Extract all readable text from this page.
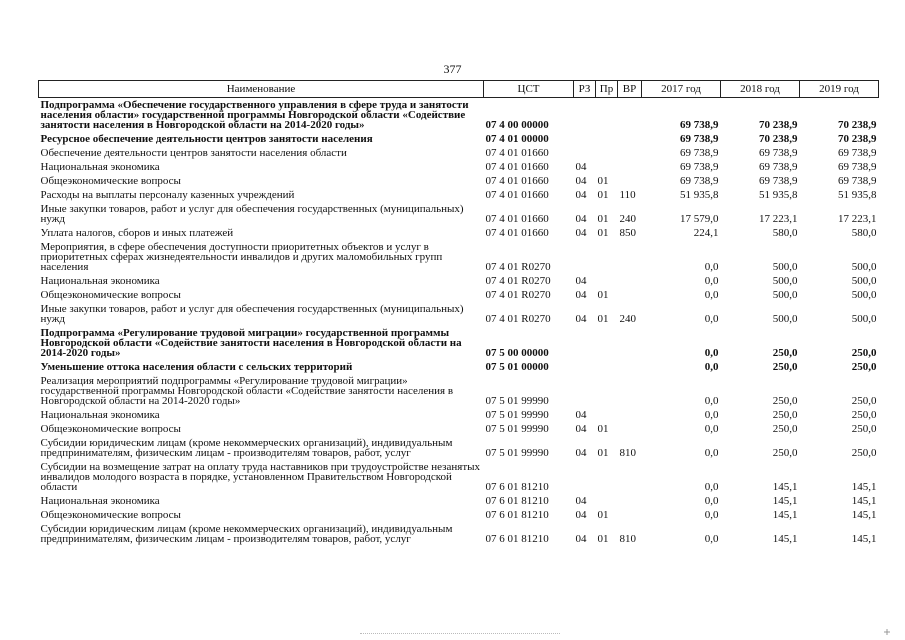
377
Наименование	ЦСТ	РЗ	Пр	ВР	2017 год	2018 год	2019 год
Подпрограмма «Обеспечение государственного управления в сфере труда и занятости населения области» государственной программы Новгородской области «Содействие занятости населения в Новгородской области на 2014-2020 годы»	07 4 00 00000				69 738,9	70 238,9	70 238,9
Ресурсное обеспечение деятельности центров занятости населения	07 4 01 00000				69 738,9	70 238,9	70 238,9
Обеспечение деятельности центров занятости населения области	07 4 01 01660				69 738,9	69 738,9	69 738,9
Национальная экономика	07 4 01 01660	04			69 738,9	69 738,9	69 738,9
Общеэкономические вопросы	07 4 01 01660	04	01		69 738,9	69 738,9	69 738,9
Расходы на выплаты персоналу казенных учреждений	07 4 01 01660	04	01	110	51 935,8	51 935,8	51 935,8
Иные закупки товаров, работ и услуг для обеспечения государственных (муниципальных) нужд	07 4 01 01660	04	01	240	17 579,0	17 223,1	17 223,1
Уплата налогов, сборов и иных платежей	07 4 01 01660	04	01	850	224,1	580,0	580,0
Мероприятия, в сфере обеспечения доступности приоритетных объектов и услуг в приоритетных сферах жизнедеятельности инвалидов и других маломобильных групп населения	07 4 01 R0270				0,0	500,0	500,0
Национальная экономика	07 4 01 R0270	04			0,0	500,0	500,0
Общеэкономические вопросы	07 4 01 R0270	04	01		0,0	500,0	500,0
Иные закупки товаров, работ и услуг для обеспечения государственных (муниципальных) нужд	07 4 01 R0270	04	01	240	0,0	500,0	500,0
Подпрограмма «Регулирование трудовой миграции» государственной программы Новгородской области «Содействие занятости населения в Новгородской области на 2014-2020 годы»	07 5 00 00000				0,0	250,0	250,0
Уменьшение оттока населения области с сельских территорий	07 5 01 00000				0,0	250,0	250,0
Реализация мероприятий подпрограммы «Регулирование трудовой миграции» государственной программы Новгородской области «Содействие занятости населения в Новгородской области на 2014-2020 годы»	07 5 01 99990				0,0	250,0	250,0
Национальная экономика	07 5 01 99990	04			0,0	250,0	250,0
Общеэкономические вопросы	07 5 01 99990	04	01		0,0	250,0	250,0
Субсидии юридическим лицам (кроме некоммерческих организаций), индивидуальным предпринимателям, физическим лицам - производителям товаров, работ, услуг	07 5 01 99990	04	01	810	0,0	250,0	250,0
Субсидии на возмещение затрат на оплату труда наставников при трудоустройстве незанятых инвалидов молодого возраста в порядке, установленном Правительством Новгородской области	07 6 01 81210				0,0	145,1	145,1
Национальная экономика	07 6 01 81210	04			0,0	145,1	145,1
Общеэкономические вопросы	07 6 01 81210	04	01		0,0	145,1	145,1
Субсидии юридическим лицам (кроме некоммерческих организаций), индивидуальным предпринимателям, физическим лицам - производителям товаров, работ, услуг	07 6 01 81210	04	01	810	0,0	145,1	145,1
